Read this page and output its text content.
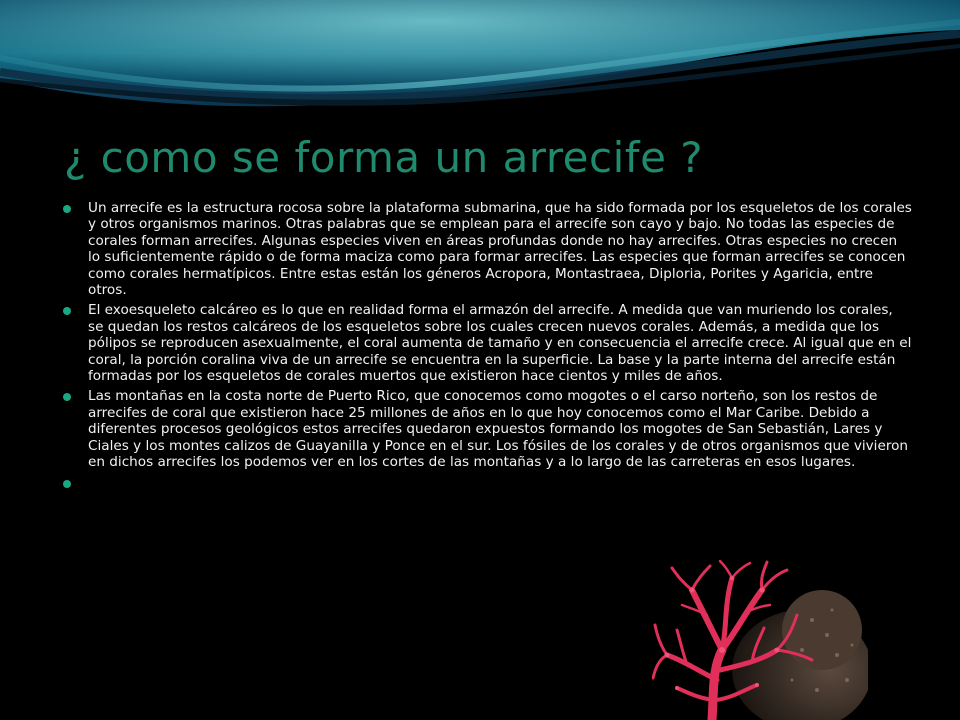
¿ como se forma un arrecife ?
Un arrecife es la estructura rocosa sobre la plataforma submarina, que ha sido formada por los esqueletos de los corales y otros organismos marinos. Otras palabras que se emplean para el arrecife son cayo y bajo. No todas las especies de corales forman arrecifes. Algunas especies viven en áreas profundas donde no hay arrecifes. Otras especies no crecen lo suficientemente rápido o de forma maciza como para formar arrecifes. Las especies que forman arrecifes se conocen como corales hermatípicos. Entre estas están los géneros Acropora, Montastraea, Diploria, Porites y Agaricia, entre otros.
El exoesqueleto calcáreo es lo que en realidad forma el armazón del arrecife. A medida que van muriendo los corales, se quedan los restos calcáreos de los esqueletos sobre los cuales crecen nuevos corales. Además, a medida que los pólipos se reproducen asexualmente, el coral aumenta de tamaño y en consecuencia el arrecife crece. Al igual que en el coral, la porción coralina viva de un arrecife se encuentra en la superficie. La base y la parte interna del arrecife están formadas por los esqueletos de corales muertos que existieron hace cientos y miles de años.
Las montañas en la costa norte de Puerto Rico, que conocemos como mogotes o el carso norteño, son los restos de arrecifes de coral que existieron hace 25 millones de años en lo que hoy conocemos como el Mar Caribe. Debido a diferentes procesos geológicos estos arrecifes quedaron expuestos formando los mogotes de San Sebastián, Lares y Ciales y los montes calizos de Guayanilla y Ponce en el sur. Los fósiles de los corales y de otros organismos que vivieron en dichos arrecifes los podemos ver en los cortes de las montañas y a lo largo de las carreteras en esos lugares.
